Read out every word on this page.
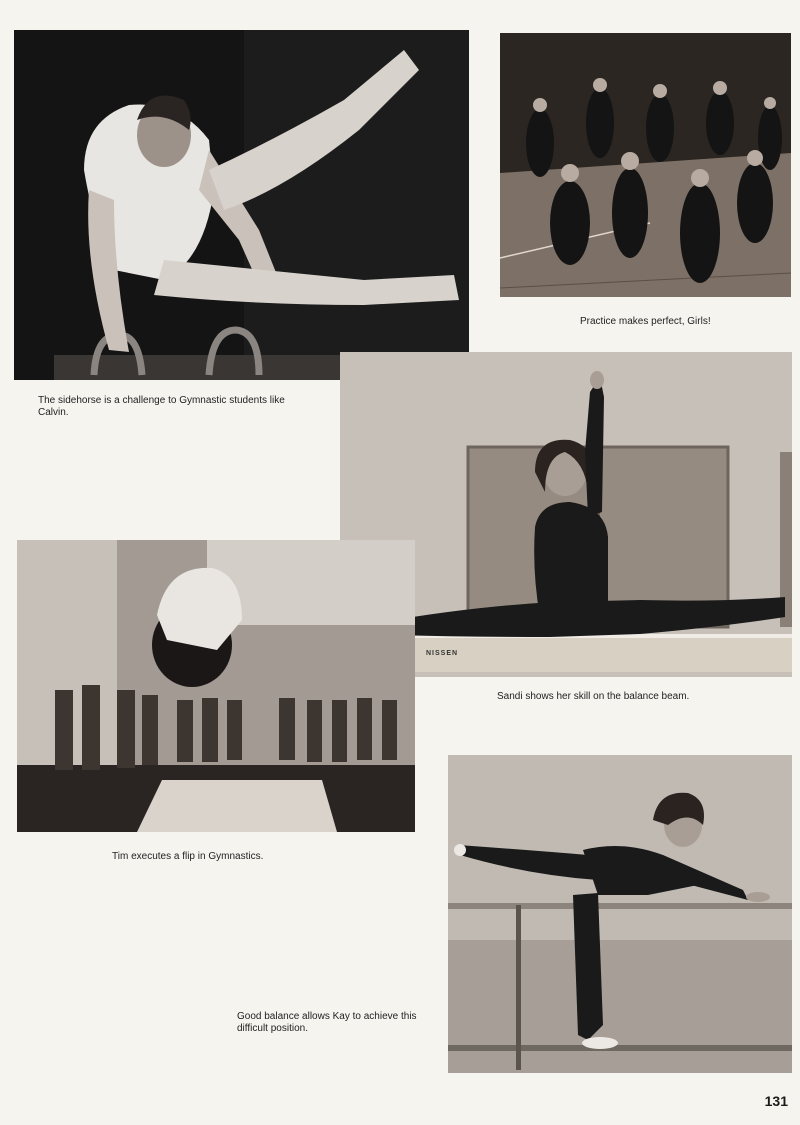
The sidehorse is a challenge to Gymnastic students like Calvin.
Practice makes perfect, Girls!
NISSEN
Sandi shows her skill on the balance beam.
Tim executes a flip in Gymnastics.
Good balance allows Kay to achieve this difficult position.
131
